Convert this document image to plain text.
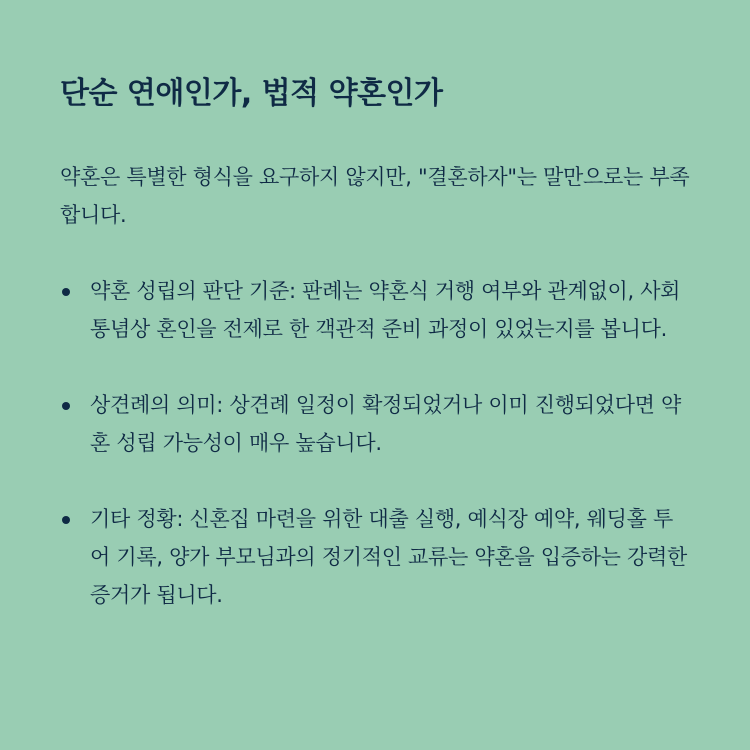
단순 연애인가, 법적 약혼인가

약혼은 특별한 형식을 요구하지 않지만, "결혼하자"는 말만으로는 부족합니다.

약혼 성립의 판단 기준: 판례는 약혼식 거행 여부와 관계없이, 사회 통념상 혼인을 전제로 한 객관적 준비 과정이 있었는지를 봅니다.
상견례의 의미: 상견례 일정이 확정되었거나 이미 진행되었다면 약혼 성립 가능성이 매우 높습니다.
기타 정황: 신혼집 마련을 위한 대출 실행, 예식장 예약, 웨딩홀 투어 기록, 양가 부모님과의 정기적인 교류는 약혼을 입증하는 강력한 증거가 됩니다.
